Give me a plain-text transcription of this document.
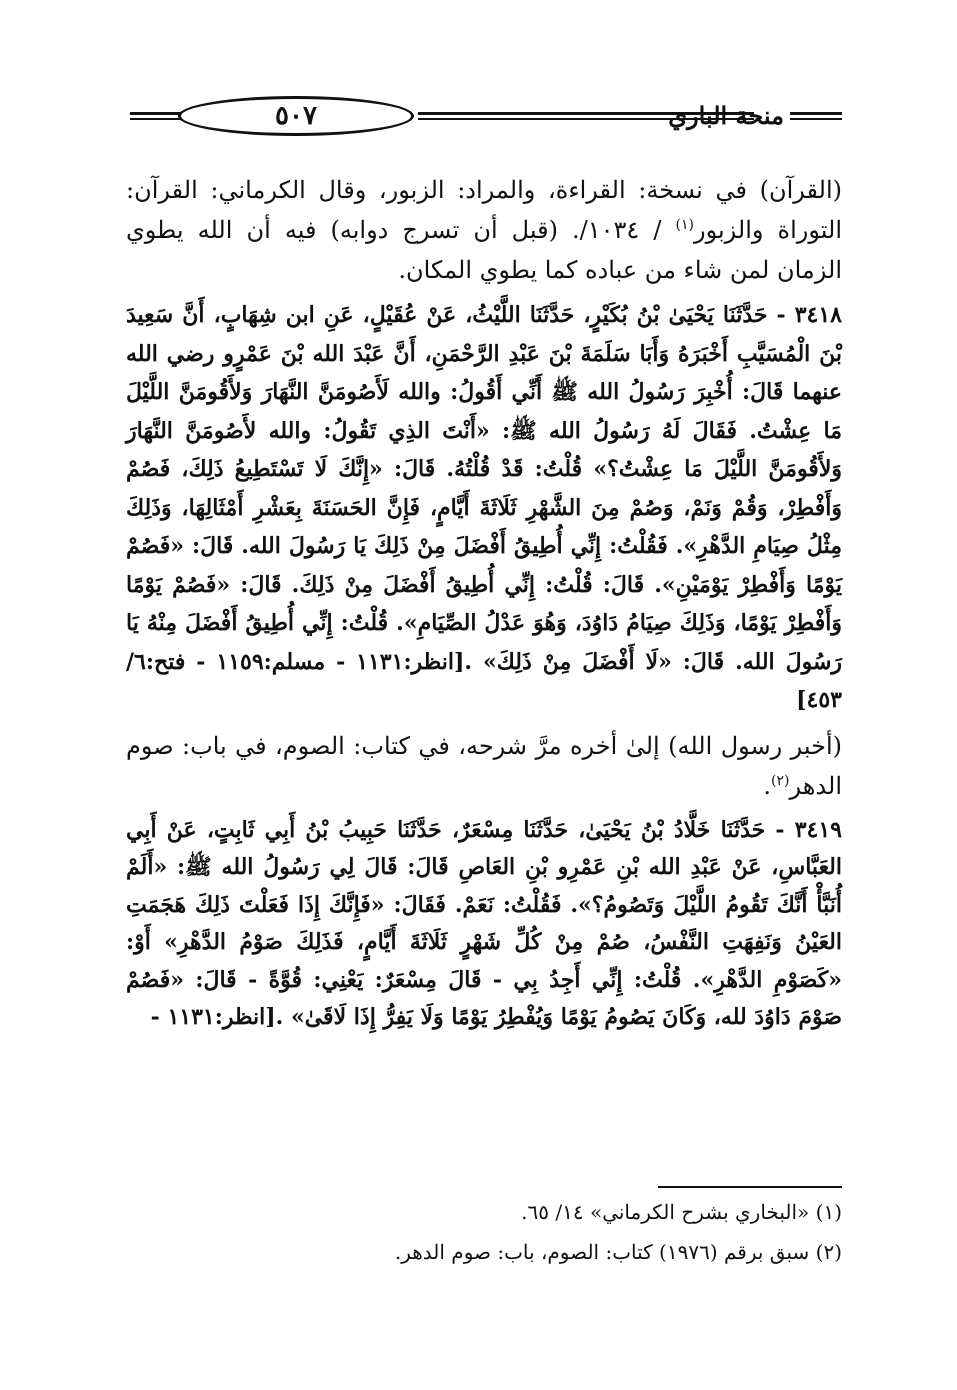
٥٠٧	منحة الباري

(القرآن) في نسخة: القراءة، والمراد: الزبور، وقال الكرماني: القرآن: التوراة والزبور$^{(١)}$ / ١٠٣٤/. (قبل أن تسرج دوابه) فيه أن الله يطوي الزمان لمن شاء من عباده كما يطوي المكان.

٣٤١٨ - حَدَّثَنَا يَحْيَىٰ بْنُ بُكَيْرٍ، حَدَّثَنَا اللَّيْثُ، عَنْ عُقَيْلٍ، عَنِ ابن شِهَابٍ، أَنَّ سَعِيدَ بْنَ الْمُسَيَّبِ أَخْبَرَهُ وَأَبَا سَلَمَةَ بْنَ عَبْدِ الرَّحْمَنِ، أَنَّ عَبْدَ الله بْنَ عَمْرٍو رضي الله عنهما قَالَ: أُخْبِرَ رَسُولُ الله ﷺ أَنِّي أَقُولُ: والله لَأَصُومَنَّ النَّهَارَ وَلأَقُومَنَّ اللَّيْلَ مَا عِشْتُ. فَقَالَ لَهُ رَسُولُ الله ﷺ: «أَنْتَ الذِي تَقُولُ: والله لأَصُومَنَّ النَّهَارَ وَلأَقُومَنَّ اللَّيْلَ مَا عِشْتُ؟» قُلْتُ: قَدْ قُلْتُهُ. قَالَ: «إِنَّكَ لَا تَسْتَطِيعُ ذَلِكَ، فَصُمْ وَأَفْطِرْ، وَقُمْ وَنَمْ، وَصُمْ مِنَ الشَّهْرِ ثَلَاثَةَ أَيَّامٍ، فَإِنَّ الحَسَنَةَ بِعَشْرِ أَمْثَالِهَا، وَذَلِكَ مِثْلُ صِيَامِ الدَّهْرِ». فَقُلْتُ: إِنِّي أُطِيقُ أَفْضَلَ مِنْ ذَلِكَ يَا رَسُولَ الله. قَالَ: «فَصُمْ يَوْمًا وَأَفْطِرْ يَوْمَيْنِ». قَالَ: قُلْتُ: إِنِّي أُطِيقُ أَفْضَلَ مِنْ ذَلِكَ. قَالَ: «فَصُمْ يَوْمًا وَأَفْطِرْ يَوْمًا، وَذَلِكَ صِيَامُ دَاوُدَ، وَهُوَ عَدْلُ الصِّيَامِ». قُلْتُ: إِنِّي أُطِيقُ أَفْضَلَ مِنْهُ يَا رَسُولَ الله. قَالَ: «لَا أَفْضَلَ مِنْ ذَلِكَ» .[انظر:١١٣١ - مسلم:١١٥٩ - فتح:٦/ ٤٥٣]

(أخبر رسول الله) إلىٰ أخره مرَّ شرحه، في كتاب: الصوم، في باب: صوم الدهر$^{(٢)}$.

٣٤١٩ - حَدَّثَنَا خَلَّادُ بْنُ يَحْيَىٰ، حَدَّثَنَا مِسْعَرٌ، حَدَّثَنَا حَبِيبُ بْنُ أَبِي ثَابِتٍ، عَنْ أَبِي العَبَّاسِ، عَنْ عَبْدِ الله بْنِ عَمْرِو بْنِ العَاصِ قَالَ: قَالَ لِي رَسُولُ الله ﷺ: «أَلَمْ أُنَبَّأْ أَنَّكَ تَقُومُ اللَّيْلَ وَتَصُومُ؟». فَقُلْتُ: نَعَمْ. فَقَالَ: «فَإِنَّكَ إِذَا فَعَلْتَ ذَلِكَ هَجَمَتِ العَيْنُ وَنَفِهَتِ النَّفْسُ، صُمْ مِنْ كُلِّ شَهْرٍ ثَلَاثَةَ أَيَّامٍ، فَذَلِكَ صَوْمُ الدَّهْرِ» أَوْ: «كَصَوْمِ الدَّهْرِ». قُلْتُ: إِنِّي أَجِدُ بِي - قَالَ مِسْعَرٌ: يَعْنِي: قُوَّةً - قَالَ: «فَصُمْ صَوْمَ دَاوُدَ لله، وَكَانَ يَصُومُ يَوْمًا وَيُفْطِرُ يَوْمًا وَلَا يَفِرُّ إِذَا لَاقَىٰ» .[انظر:١١٣١ -

(١) «البخاري بشرح الكرماني» ١٤/ ٦٥.

(٢) سبق برقم (١٩٧٦) كتاب: الصوم، باب: صوم الدهر.
